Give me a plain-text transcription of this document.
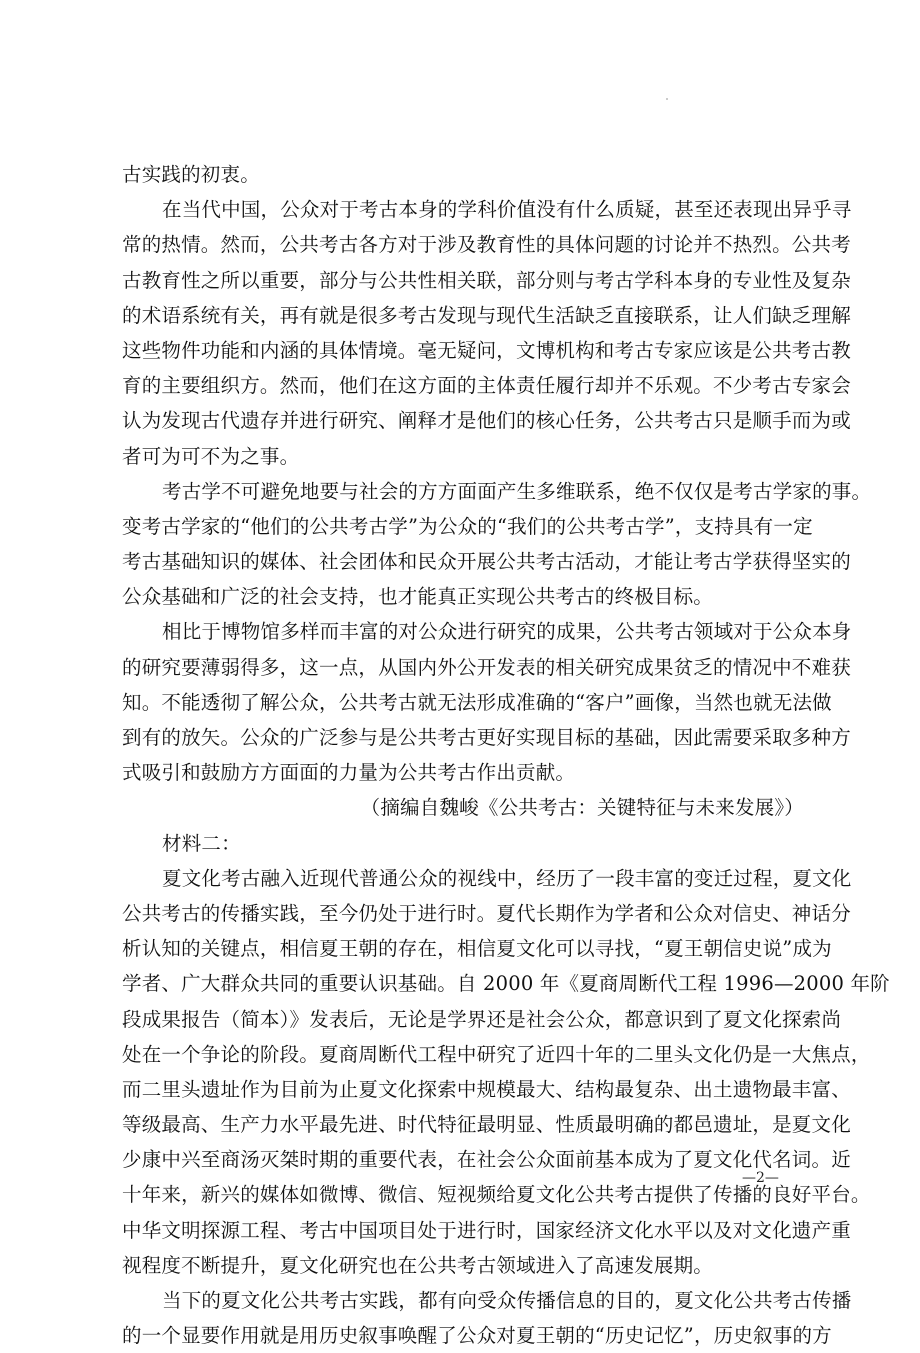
古实践的初衷。
在当代中国，公众对于考古本身的学科价值没有什么质疑，甚至还表现出异乎寻
常的热情。然而，公共考古各方对于涉及教育性的具体问题的讨论并不热烈。公共考
古教育性之所以重要，部分与公共性相关联，部分则与考古学科本身的专业性及复杂
的术语系统有关，再有就是很多考古发现与现代生活缺乏直接联系，让人们缺乏理解
这些物件功能和内涵的具体情境。毫无疑问，文博机构和考古专家应该是公共考古教
育的主要组织方。然而，他们在这方面的主体责任履行却并不乐观。不少考古专家会
认为发现古代遗存并进行研究、阐释才是他们的核心任务，公共考古只是顺手而为或
者可为可不为之事。
考古学不可避免地要与社会的方方面面产生多维联系，绝不仅仅是考古学家的事。
变考古学家的“他们的公共考古学”为公众的“我们的公共考古学”，支持具有一定
考古基础知识的媒体、社会团体和民众开展公共考古活动，才能让考古学获得坚实的
公众基础和广泛的社会支持，也才能真正实现公共考古的终极目标。
相比于博物馆多样而丰富的对公众进行研究的成果，公共考古领域对于公众本身
的研究要薄弱得多，这一点，从国内外公开发表的相关研究成果贫乏的情况中不难获
知。不能透彻了解公众，公共考古就无法形成准确的“客户”画像，当然也就无法做
到有的放矢。公众的广泛参与是公共考古更好实现目标的基础，因此需要采取多种方
式吸引和鼓励方方面面的力量为公共考古作出贡献。
（摘编自魏峻《公共考古：关键特征与未来发展》）
材料二：
夏文化考古融入近现代普通公众的视线中，经历了一段丰富的变迁过程，夏文化
公共考古的传播实践，至今仍处于进行时。夏代长期作为学者和公众对信史、神话分
析认知的关键点，相信夏王朝的存在，相信夏文化可以寻找，“夏王朝信史说”成为
学者、广大群众共同的重要认识基础。自 2000 年《夏商周断代工程 1996—2000 年阶
段成果报告（简本）》发表后，无论是学界还是社会公众，都意识到了夏文化探索尚
处在一个争论的阶段。夏商周断代工程中研究了近四十年的二里头文化仍是一大焦点，
而二里头遗址作为目前为止夏文化探索中规模最大、结构最复杂、出土遗物最丰富、
等级最高、生产力水平最先进、时代特征最明显、性质最明确的都邑遗址，是夏文化
少康中兴至商汤灭桀时期的重要代表，在社会公众面前基本成为了夏文化代名词。近
十年来，新兴的媒体如微博、微信、短视频给夏文化公共考古提供了传播的良好平台。
中华文明探源工程、考古中国项目处于进行时，国家经济文化水平以及对文化遗产重
视程度不断提升，夏文化研究也在公共考古领域进入了高速发展期。
当下的夏文化公共考古实践，都有向受众传播信息的目的，夏文化公共考古传播
的一个显要作用就是用历史叙事唤醒了公众对夏王朝的“历史记忆”，历史叙事的方
—2—
